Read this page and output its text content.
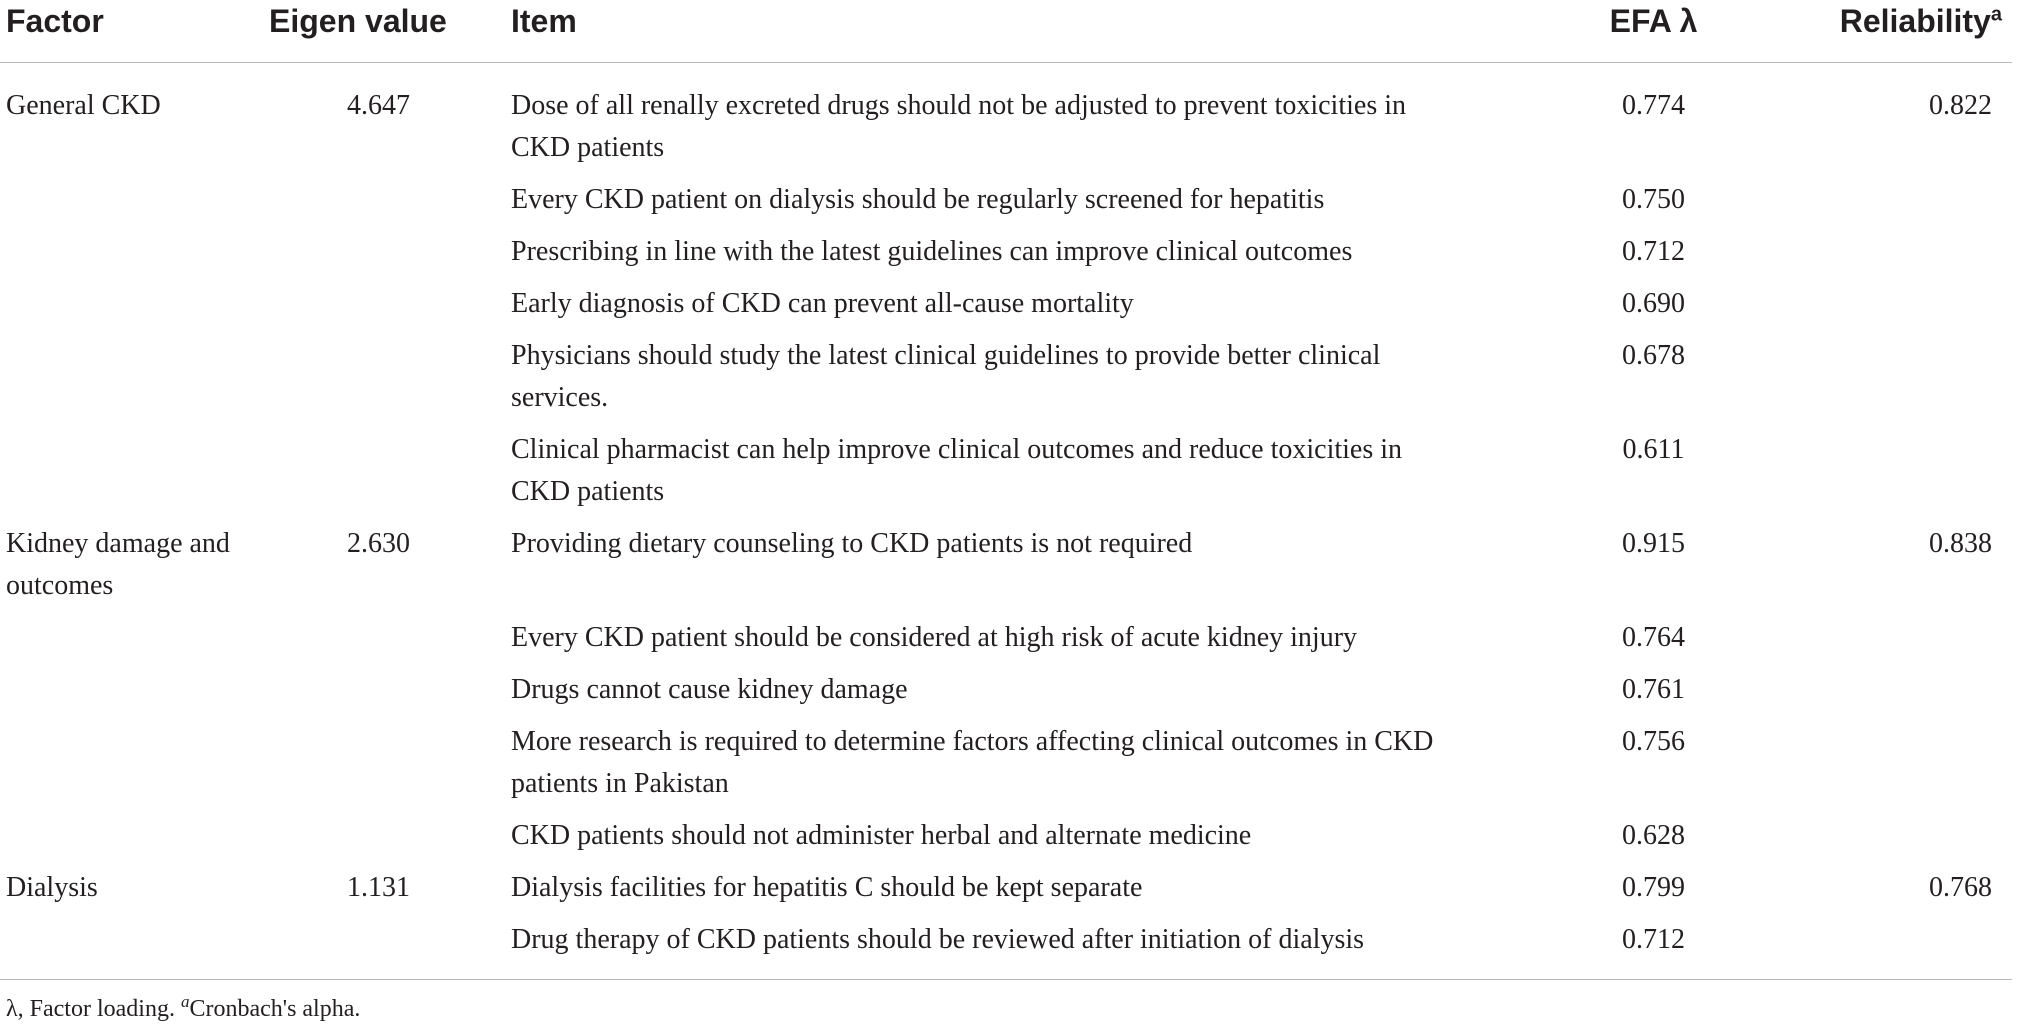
Factor	Eigen value	Item	EFA λ	Reliability$^a$
General CKD	4.647	Dose of all renally excreted drugs should not be adjusted to prevent toxicities in CKD patients	0.774	0.822
		Every CKD patient on dialysis should be regularly screened for hepatitis	0.750	
		Prescribing in line with the latest guidelines can improve clinical outcomes	0.712	
		Early diagnosis of CKD can prevent all-cause mortality	0.690	
		Physicians should study the latest clinical guidelines to provide better clinical services.	0.678	
		Clinical pharmacist can help improve clinical outcomes and reduce toxicities in CKD patients	0.611	
Kidney damage and outcomes	2.630	Providing dietary counseling to CKD patients is not required	0.915	0.838
		Every CKD patient should be considered at high risk of acute kidney injury	0.764	
		Drugs cannot cause kidney damage	0.761	
		More research is required to determine factors affecting clinical outcomes in CKD patients in Pakistan	0.756	
		CKD patients should not administer herbal and alternate medicine	0.628	
Dialysis	1.131	Dialysis facilities for hepatitis C should be kept separate	0.799	0.768
		Drug therapy of CKD patients should be reviewed after initiation of dialysis	0.712	
λ, Factor loading. $^a$Cronbach's alpha.
